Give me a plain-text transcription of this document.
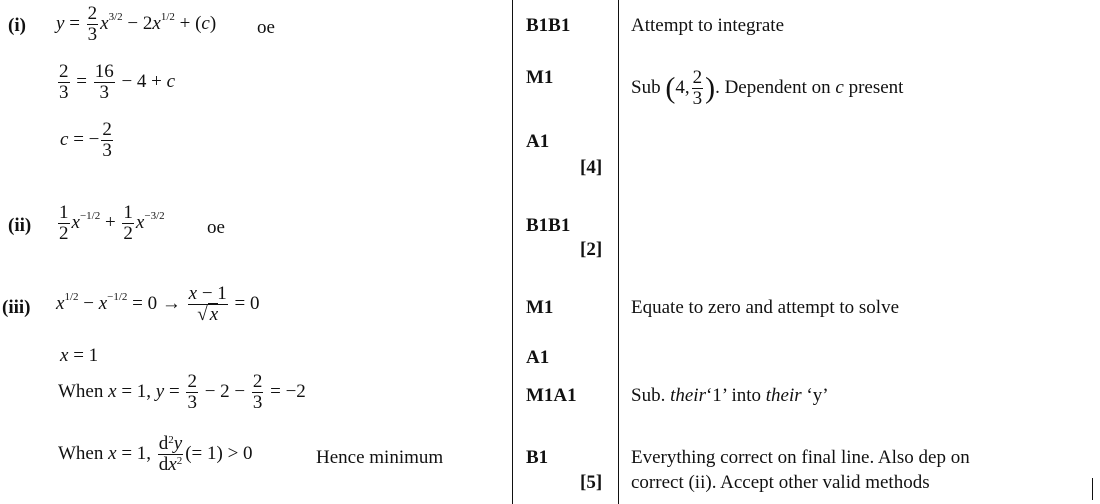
(i) $y = \frac{2}{3} x^{3/2} - 2x^{1/2} + (c)$ oe
$\frac{2}{3} = \frac{16}{3} - 4 + c$
c = − $\frac{2}{3}$
B1B1
M1
A1
[4]
Attempt to integrate
Sub (4, $\frac{2}{3}$ ). Dependent on c present
$(ii) \frac{1}{2} x^{-1/2} + \frac{1}{2} x^{-3/2}$
oe	B1B1
[2]
(iii) $x^{1/2} - x^{-1/2} = 0 \to \frac{x - 1}{√ x} = 0$
x = 1
When x = 1, $y = \frac{2}{3} - 2 - \frac{2}{3} = -2$
When x = 1, $\frac{d^2y}{dx^2}$ (= 1) > 0	Hence minimum
M1
A1
M1A1
B1
[5]
Equate to zero and attempt to solve
Sub. their‘1’ into their ‘y’
Everything correct on final line. Also dep on
correct (ii). Accept other valid methods
